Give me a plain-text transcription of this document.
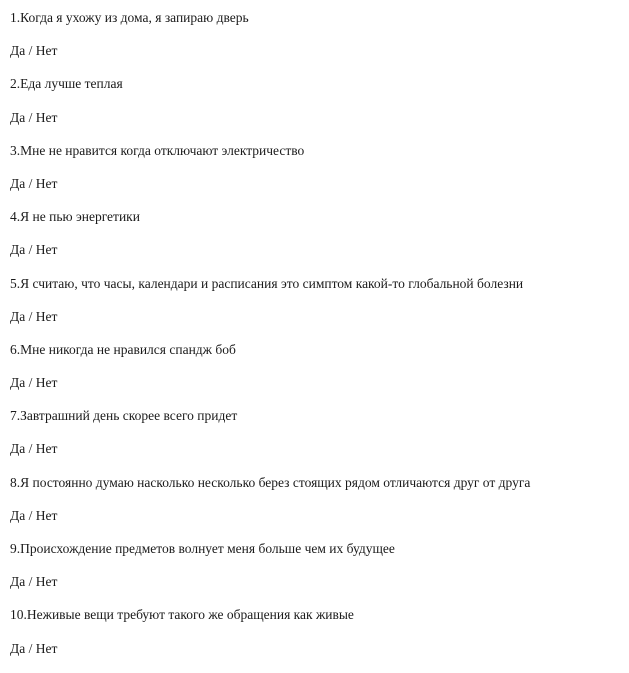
1.Когда я ухожу из дома, я запираю дверь
Да / Нет
2.Еда лучше теплая
Да / Нет
3.Мне не нравится когда отключают электричество
Да / Нет
4.Я не пью энергетики
Да / Нет
5.Я считаю, что часы, календари и расписания это симптом какой-то глобальной болезни
Да / Нет
6.Мне никогда не нравился спандж боб
Да / Нет
7.Завтрашний день скорее всего придет
Да / Нет
8.Я постоянно думаю насколько несколько берез стоящих рядом отличаются друг от друга
Да / Нет
9.Происхождение предметов волнует меня больше чем их будущее
Да / Нет
10.Неживые вещи требуют такого же обращения как живые
Да / Нет
